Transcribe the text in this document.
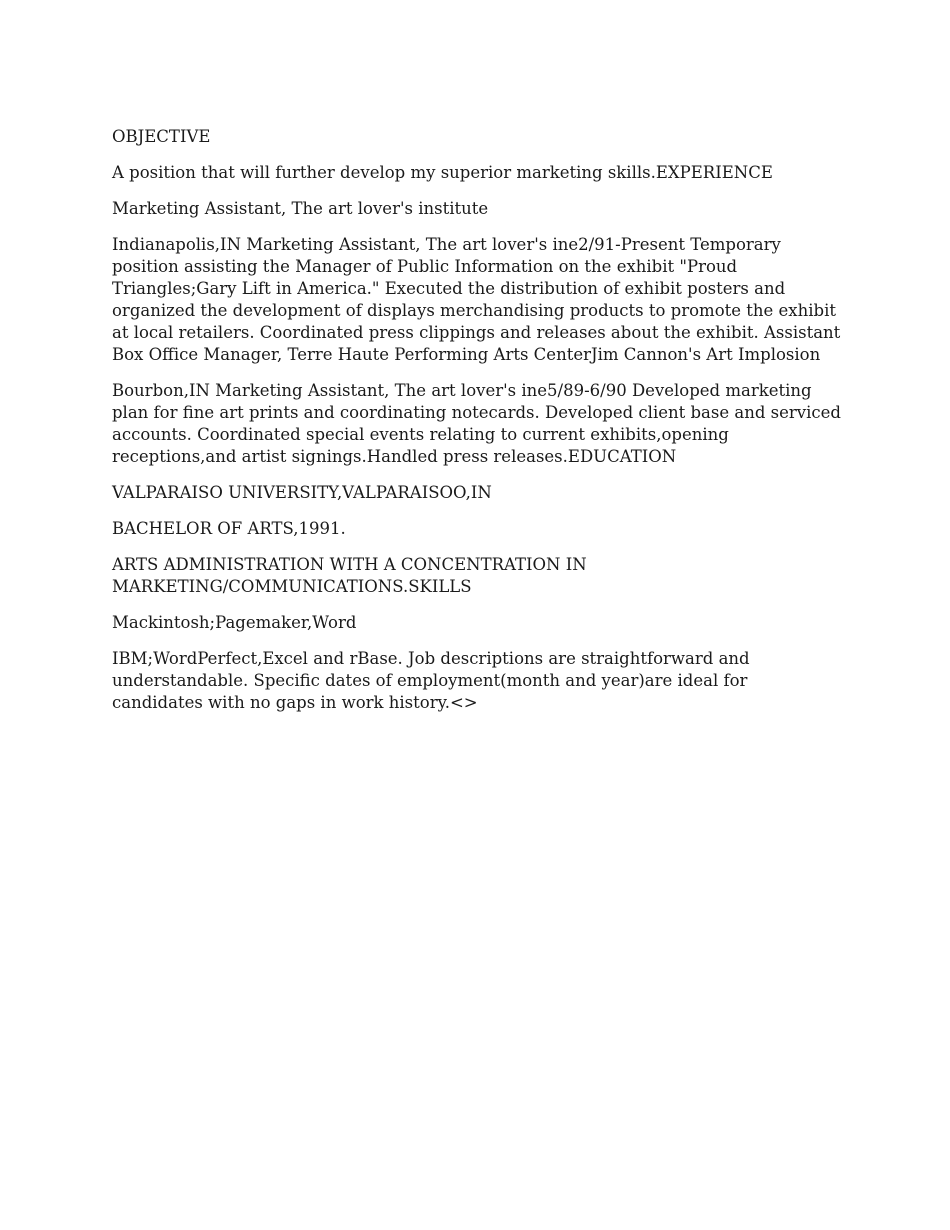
OBJECTIVE

A position that will further develop my superior marketing skills.EXPERIENCE

Marketing Assistant, The art lover's institute

Indianapolis,IN Marketing Assistant, The art lover's ine2/91-Present Temporary position assisting the Manager of Public Information on the exhibit "Proud Triangles;Gary Lift in America." Executed the distribution of exhibit posters and organized the development of displays merchandising products to promote the exhibit at local retailers. Coordinated press clippings and releases about the exhibit. Assistant Box Office Manager, Terre Haute Performing Arts CenterJim Cannon's Art Implosion

Bourbon,IN Marketing Assistant, The art lover's ine5/89-6/90 Developed marketing plan for fine art prints and coordinating notecards. Developed client base and serviced accounts. Coordinated special events relating to current exhibits,opening receptions,and artist signings.Handled press releases.EDUCATION

VALPARAISO UNIVERSITY,VALPARAISOO,IN

BACHELOR OF ARTS,1991.

ARTS ADMINISTRATION WITH A CONCENTRATION IN MARKETING/COMMUNICATIONS.SKILLS

Mackintosh;Pagemaker,Word

IBM;WordPerfect,Excel and rBase. Job descriptions are straightforward and understandable. Specific dates of employment(month and year)are ideal for candidates with no gaps in work history.<>
